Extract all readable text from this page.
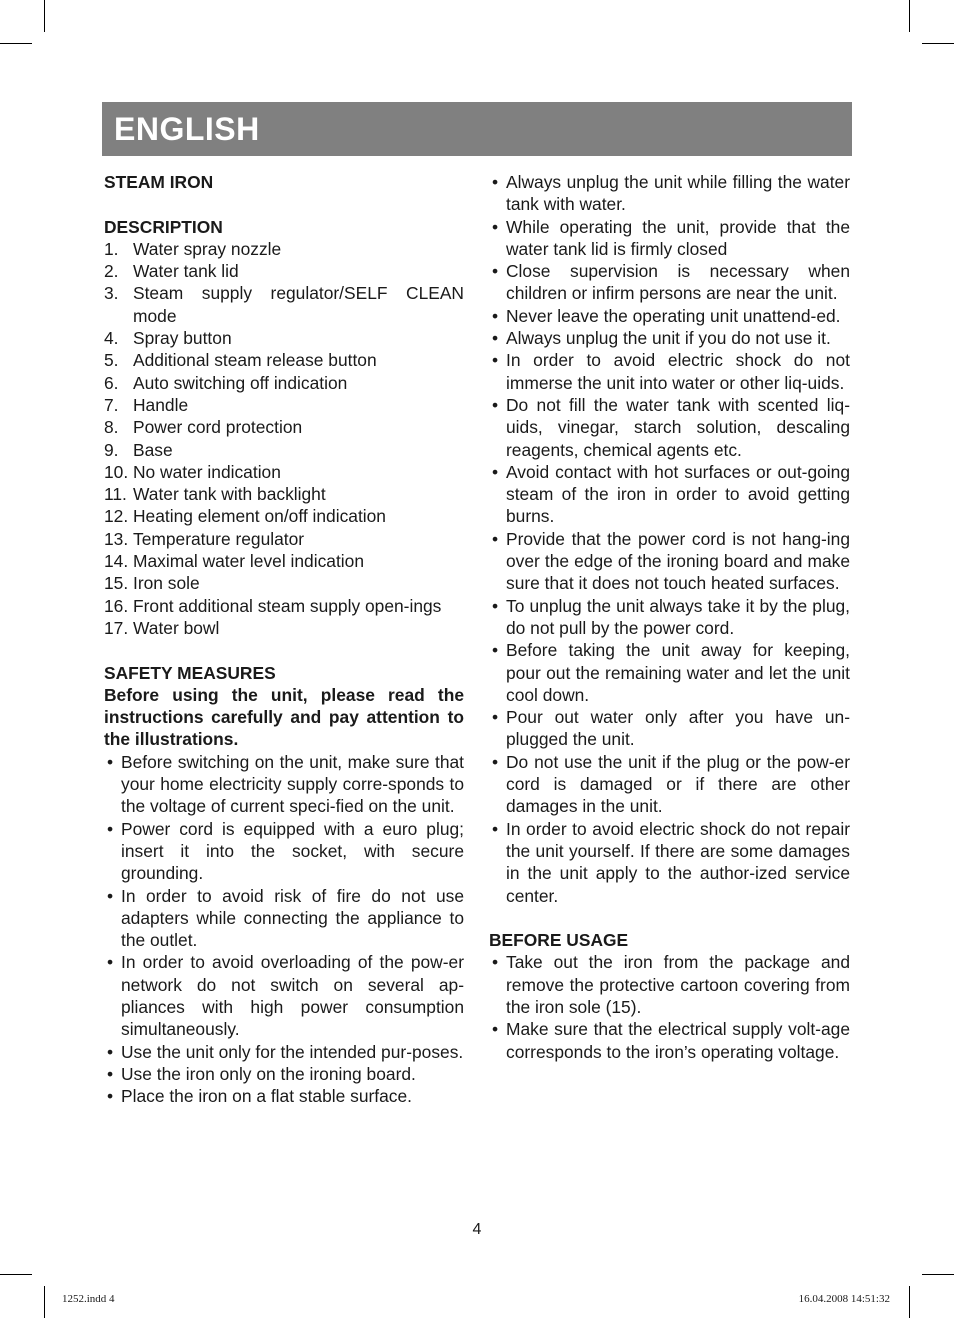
ENGLISH

STEAM IRON

DESCRIPTION

1. Water spray nozzle
2. Water tank lid
3. Steam supply regulator/SELF CLEAN mode
4. Spray button
5. Additional steam release button
6. Auto switching off indication
7. Handle
8. Power cord protection
9. Base
10. No water indication
11. Water tank with backlight
12. Heating element on/off indication
13. Temperature regulator
14. Maximal water level indication
15. Iron sole
16. Front additional steam supply open-ings
17. Water bowl

SAFETY MEASURES

Before using the unit, please read the instructions carefully and pay attention to the illustrations.

• Before switching on the unit, make sure that your home electricity supply corre-sponds to the voltage of current speci-fied on the unit.
• Power cord is equipped with a euro plug; insert it into the socket, with secure grounding.
• In order to avoid risk of fire do not use adapters while connecting the appliance to the outlet.
• In order to avoid overloading of the pow-er network do not switch on several ap-pliances with high power consumption simultaneously.
• Use the unit only for the intended pur-poses.
• Use the iron only on the ironing board.
• Place the iron on a flat stable surface.
• Always unplug the unit while filling the water tank with water.
• While operating the unit, provide that the water tank lid is firmly closed
• Close supervision is necessary when children or infirm persons are near the unit.
• Never leave the operating unit unattend-ed.
• Always unplug the unit if you do not use it.
• In order to avoid electric shock do not immerse the unit into water or other liq-uids.
• Do not fill the water tank with scented liq-uids, vinegar, starch solution, descaling reagents, chemical agents etc.
• Avoid contact with hot surfaces or out-going steam of the iron in order to avoid getting burns.
• Provide that the power cord is not hang-ing over the edge of the ironing board and make sure that it does not touch heated surfaces.
• To unplug the unit always take it by the plug, do not pull by the power cord.
• Before taking the unit away for keeping, pour out the remaining water and let the unit cool down.
• Pour out water only after you have un-plugged the unit.
• Do not use the unit if the plug or the pow-er cord is damaged or if there are other damages in the unit.
• In order to avoid electric shock do not repair the unit yourself. If there are some damages in the unit apply to the author-ized service center.

BEFORE USAGE

• Take out the iron from the package and remove the protective cartoon covering from the iron sole (15).
• Make sure that the electrical supply volt-age corresponds to the iron’s operating voltage.
4
1252.indd 4	16.04.2008 14:51:32
